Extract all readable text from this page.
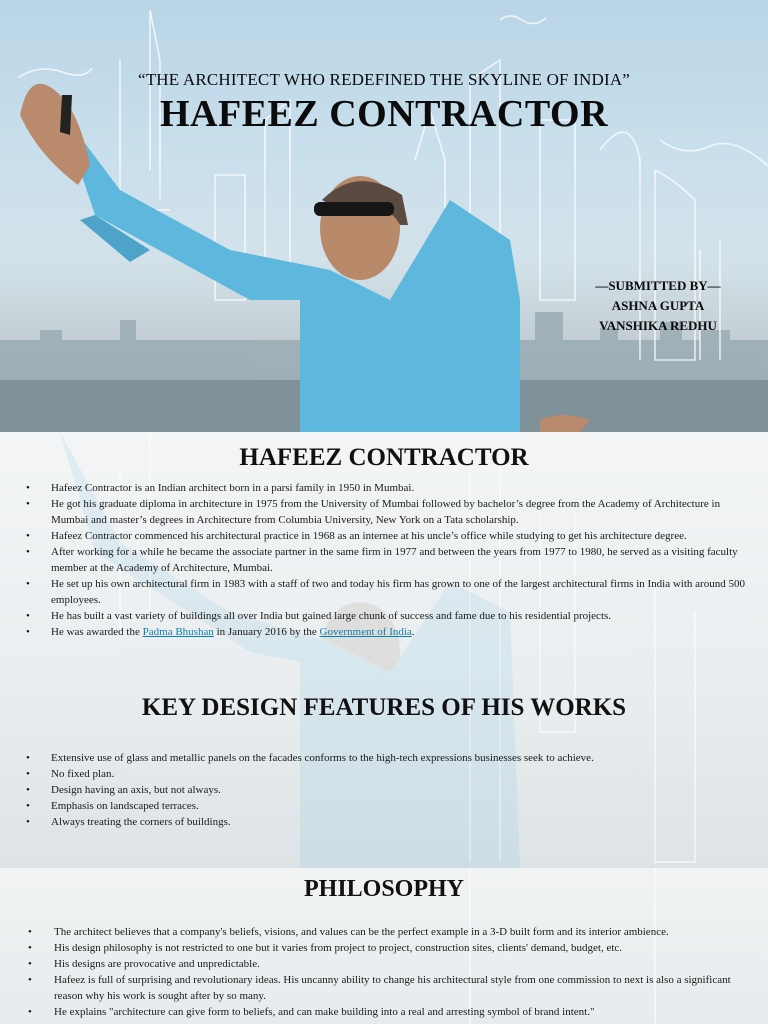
“THE ARCHITECT WHO REDEFINED THE SKYLINE OF INDIA”

HAFEEZ CONTRACTOR
—SUBMITTED BY—
ASHNA GUPTA
VANSHIKA REDHU
HAFEEZ CONTRACTOR
• Hafeez Contractor is an Indian architect born in a parsi family in 1950 in Mumbai.
• He got his graduate diploma in architecture in 1975 from the University of Mumbai followed by bachelor’s degree from the Academy of Architecture in Mumbai and master’s degrees in Architecture from Columbia University, New York on a Tata scholarship.
• Hafeez Contractor commenced his architectural practice in 1968 as an internee at his uncle’s office while studying to get his architecture degree.
• After working for a while he became the associate partner in the same firm in 1977 and between the years from 1977 to 1980, he served as a visiting faculty member at the Academy of Architecture, Mumbai.
• He set up his own architectural firm in 1983 with a staff of two and today his firm has grown to one of the largest architectural firms in India with around 500 employees.
• He has built a vast variety of buildings all over India but gained large chunk of success and fame due to his residential projects.
• He was awarded the Padma Bhushan in January 2016 by the Government of India.
KEY DESIGN FEATURES OF HIS WORKS
• Extensive use of glass and metallic panels on the facades conforms to the high-tech expressions businesses seek to achieve.
• No fixed plan.
• Design having an axis, but not always.
• Emphasis on landscaped terraces.
• Always treating the corners of buildings.
PHILOSOPHY
• The architect believes that a company's beliefs, visions, and values can be the perfect example in a 3-D built form and its interior ambience.
• His design philosophy is not restricted to one but it varies from project to project, construction sites, clients' demand, budget, etc.
• His designs are provocative and unpredictable.
• Hafeez is full of surprising and revolutionary ideas. His uncanny ability to change his architectural style from one commission to next is also a significant reason why his work is sought after by so many.
• He explains "architecture can give form to beliefs, and can make building into a real and arresting symbol of brand intent."
